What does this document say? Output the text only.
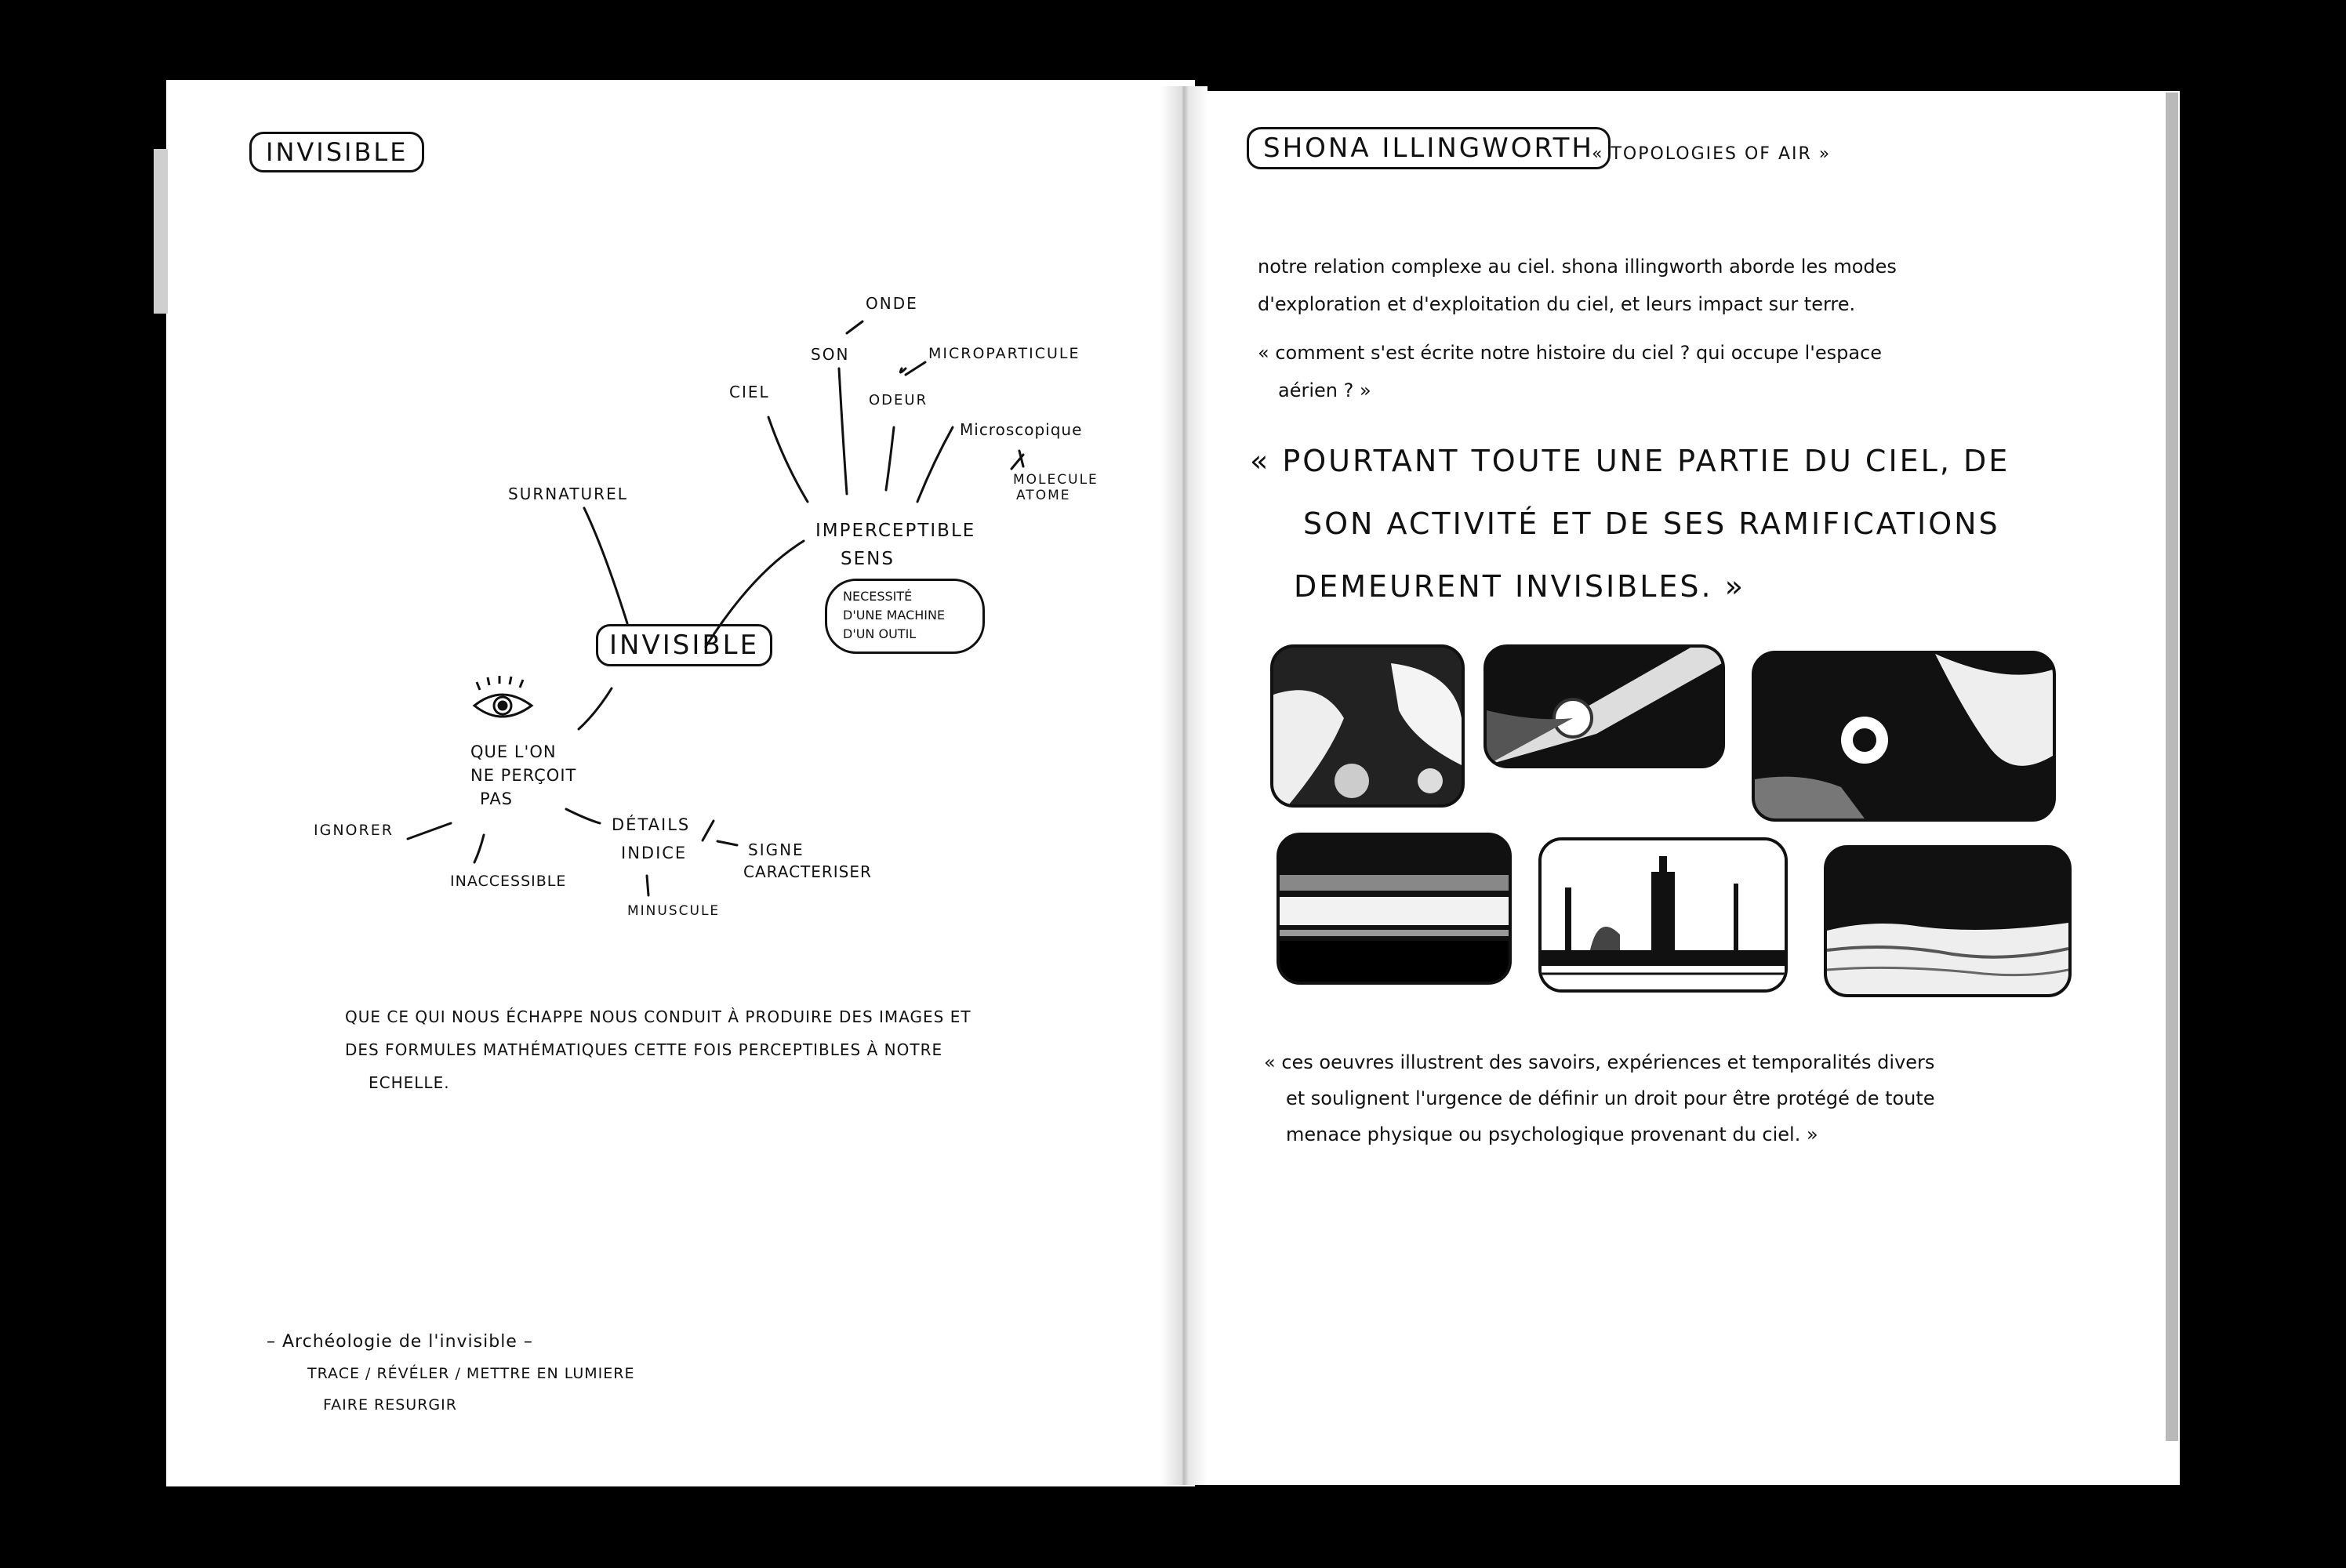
INVISIBLE
ONDE
SON	MICROPARTICULE
CIEL	ODEUR
Microscopique
MOLECULE
ATOME
SURNATUREL
IMPERCEPTIBLE
SENS
NECESSITÉ
D'UNE MACHINE
D'UN OUTIL
INVISIBLE
QUE L'ON
NE PERÇOIT
PAS
IGNORER
INACCESSIBLE
DÉTAILS
INDICE
MINUSCULE
SIGNE
CARACTERISER
QUE CE QUI NOUS ÉCHAPPE NOUS CONDUIT À PRODUIRE DES IMAGES ET
DES FORMULES MATHÉMATIQUES CETTE FOIS PERCEPTIBLES À NOTRE
ECHELLE.
– Archéologie de l'invisible –
TRACE / RÉVÉLER / METTRE EN LUMIERE
FAIRE RESURGIR
SHONA ILLINGWORTH
« TOPOLOGIES OF AIR »
notre relation complexe au ciel. shona illingworth aborde les modes
d'exploration et d'exploitation du ciel, et leurs impact sur terre.
« comment s'est écrite notre histoire du ciel ? qui occupe l'espace
aérien ? »
« POURTANT TOUTE UNE PARTIE DU CIEL, DE
SON ACTIVITÉ ET DE SES RAMIFICATIONS
DEMEURENT INVISIBLES. »
« ces oeuvres illustrent des savoirs, expériences et temporalités divers
et soulignent l'urgence de définir un droit pour être protégé de toute
menace physique ou psychologique provenant du ciel. »
